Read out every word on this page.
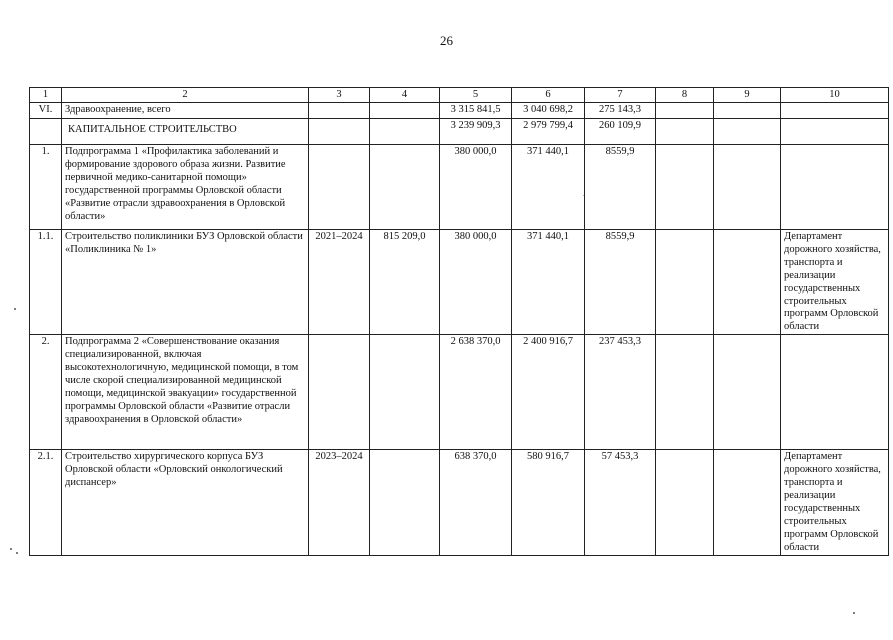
26
1	2	3	4	5	6	7	8	9	10
VI.	Здравоохранение, всего			3 315 841,5	3 040 698,2	275 143,3			
	КАПИТАЛЬНОЕ СТРОИТЕЛЬСТВО			3 239 909,3	2 979 799,4	260 109,9			
1.	Подпрограмма 1 «Профилактика заболеваний и формирование здорового образа жизни. Развитие первичной медико-санитарной помощи» государственной программы Орловской области «Развитие отрасли здравоохранения в Орловской области»			380 000,0	371 440,1	8559,9			
1.1.	Строительство поликлиники БУЗ Орловской области «Поликлиника № 1»	2021–2024	815 209,0	380 000,0	371 440,1	8559,9			Департамент дорожного хозяйства, транспорта и реализации государственных строительных программ Орловской области
2.	Подпрограмма 2 «Совершенствование оказания специализированной, включая высокотехнологичную, медицинской помощи, в том числе скорой специализированной медицинской помощи, медицинской эвакуации» государственной программы Орловской области «Развитие отрасли здравоохранения в Орловской области»			2 638 370,0	2 400 916,7	237 453,3			
2.1.	Строительство хирургического корпуса БУЗ Орловской области «Орловский онкологический диспансер»	2023–2024		638 370,0	580 916,7	57 453,3			Департамент дорожного хозяйства, транспорта и реализации государственных строительных программ Орловской области
